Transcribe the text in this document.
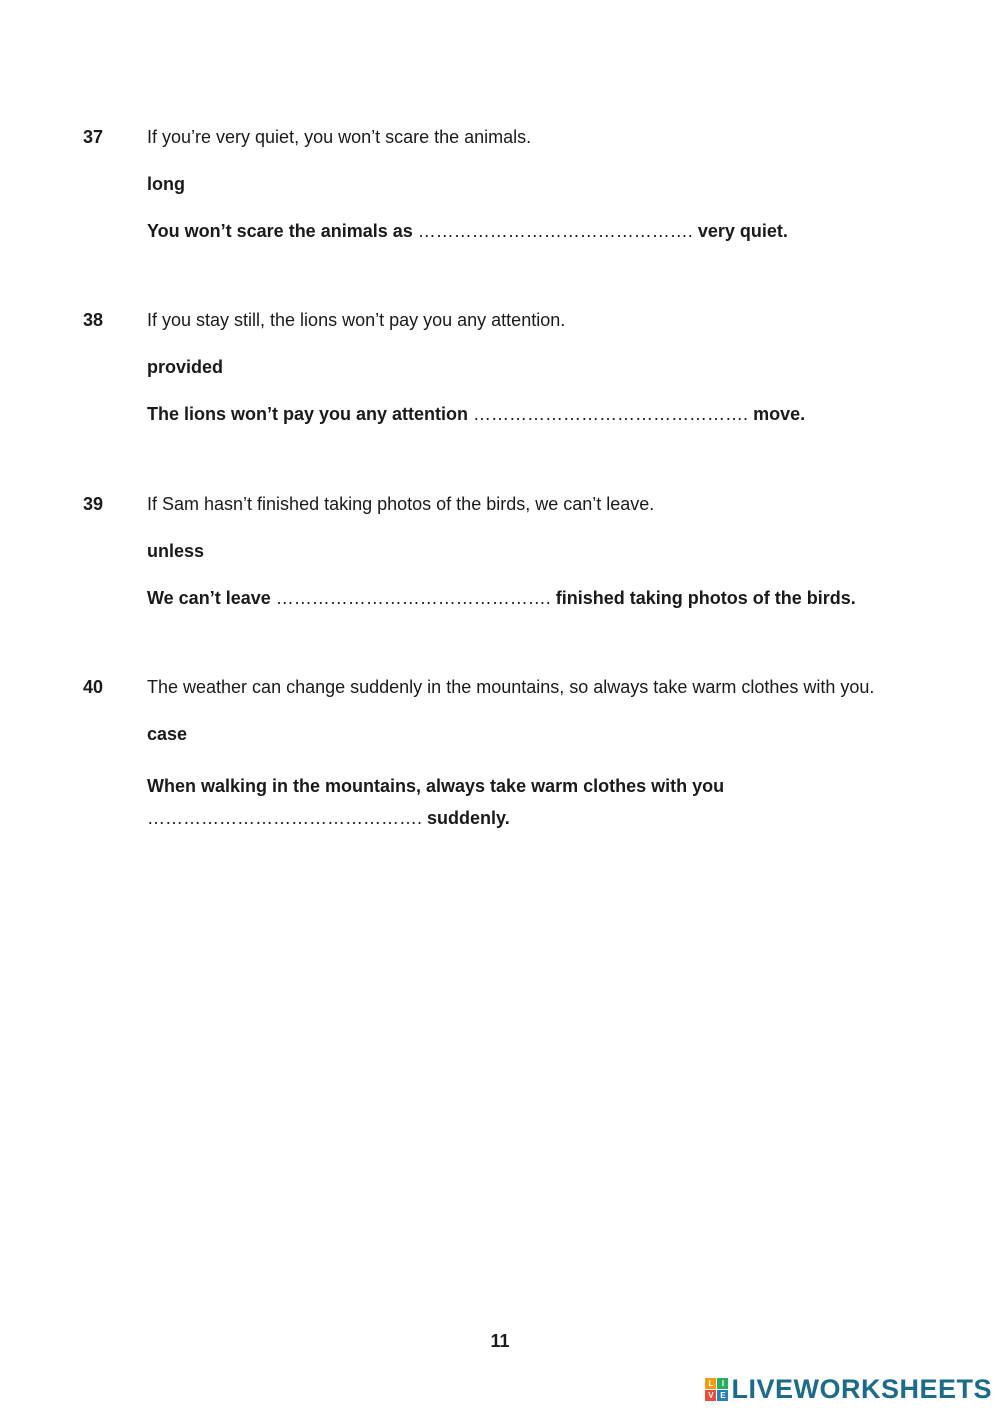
37 If you’re very quiet, you won’t scare the animals.
long
You won’t scare the animals as ………………………………………. very quiet.
38 If you stay still, the lions won’t pay you any attention.
provided
The lions won’t pay you any attention ………………………………………. move.
39 If Sam hasn’t finished taking photos of the birds, we can’t leave.
unless
We can’t leave ………………………………………. finished taking photos of the birds.
40 The weather can change suddenly in the mountains, so always take warm clothes with you.
case
When walking in the mountains, always take warm clothes with you
………………………………………. suddenly.
11
L	I
V E LIVEWORKSHEETS
